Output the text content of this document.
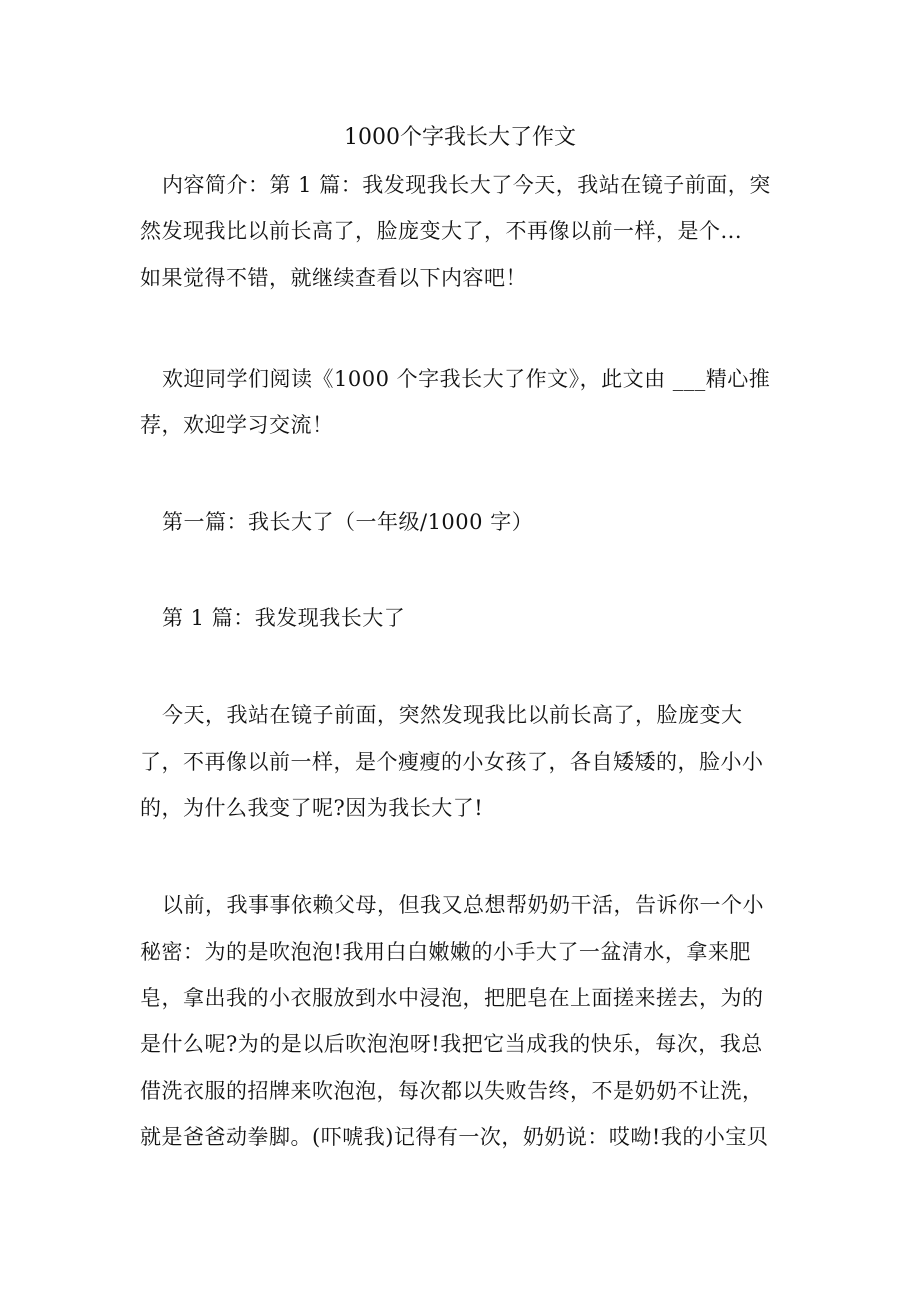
1000个字我长大了作文
内容简介：第 1 篇：我发现我长大了今天，我站在镜子前面，突
然发现我比以前长高了，脸庞变大了，不再像以前一样，是个...
如果觉得不错，就继续查看以下内容吧！
欢迎同学们阅读《1000 个字我长大了作文》，此文由 ___精心推
荐，欢迎学习交流！
第一篇：我长大了（一年级/1000 字）
第 1 篇：我发现我长大了
今天，我站在镜子前面，突然发现我比以前长高了，脸庞变大
了，不再像以前一样，是个瘦瘦的小女孩了，各自矮矮的，脸小小
的，为什么我变了呢?因为我长大了!
以前，我事事依赖父母，但我又总想帮奶奶干活，告诉你一个小
秘密：为的是吹泡泡!我用白白嫩嫩的小手大了一盆清水，拿来肥
皂，拿出我的小衣服放到水中浸泡，把肥皂在上面搓来搓去，为的
是什么呢?为的是以后吹泡泡呀!我把它当成我的快乐，每次，我总
借洗衣服的招牌来吹泡泡，每次都以失败告终，不是奶奶不让洗，
就是爸爸动拳脚。(吓唬我)记得有一次，奶奶说：哎呦!我的小宝贝
